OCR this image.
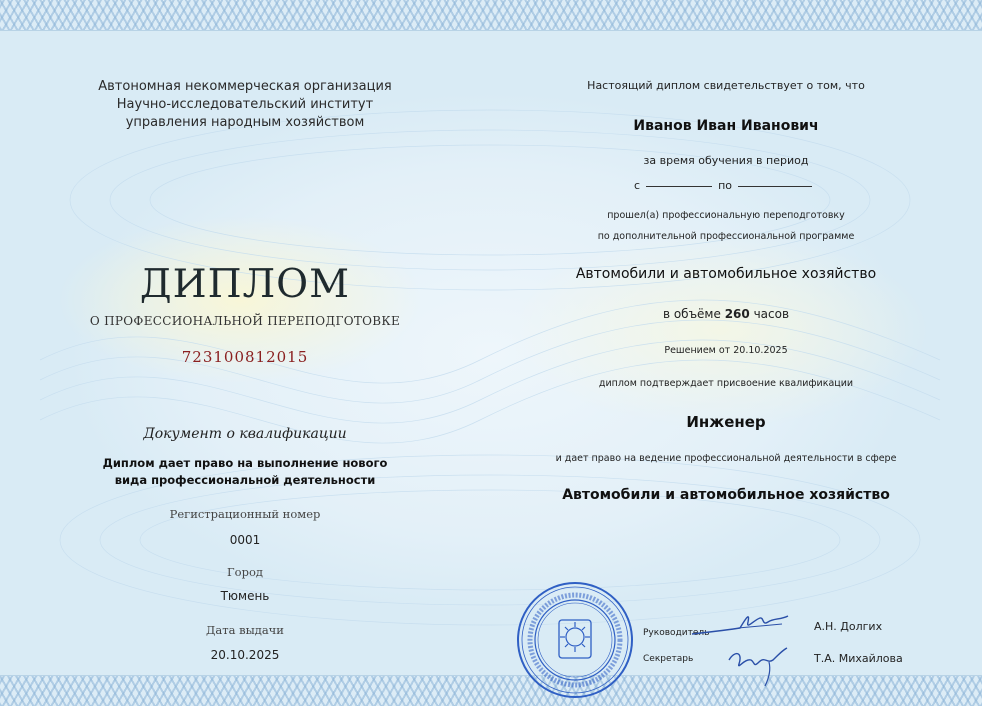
Автономная некоммерческая организация
Научно-исследовательский институт
управления народным хозяйством
ДИПЛОМ
О ПРОФЕССИОНАЛЬНОЙ ПЕРЕПОДГОТОВКЕ
723100812015
Документ о квалификации
Диплом дает право на выполнение нового
вида профессиональной деятельности
Регистрационный номер
0001
Город
Тюмень
Дата выдачи
20.10.2025
Настоящий диплом свидетельствует о том, что
Иванов Иван Иванович
за время обучения в период
с	по
прошел(а) профессиональную переподготовку
по дополнительной профессиональной программе
Автомобили и автомобильное хозяйство
в объёме 260 часов
Решением от 20.10.2025
диплом подтверждает присвоение квалификации
Инженер
и дает право на ведение профессиональной деятельности в сфере
Автомобили и автомобильное хозяйство
Руководитель	А.Н. Долгих
Секретарь	Т.А. Михайлова
